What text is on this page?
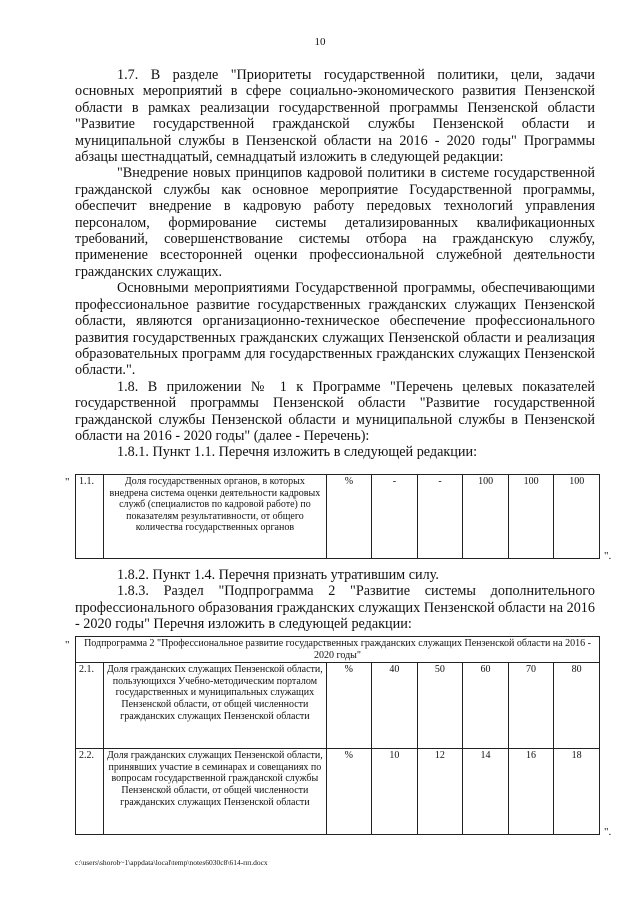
10

1.7. В разделе "Приоритеты государственной политики, цели, задачи основных мероприятий в сфере социально-экономического развития Пензенской области в рамках реализации государственной программы Пензенской области "Развитие государственной гражданской службы Пензенской области и муниципальной службы в Пензенской области на 2016 - 2020 годы" Программы абзацы шестнадцатый, семнадцатый изложить в следующей редакции:

"Внедрение новых принципов кадровой политики в системе государственной гражданской службы как основное мероприятие Государственной программы, обеспечит внедрение в кадровую работу передовых технологий управления персоналом, формирование системы детализированных квалификационных требований, совершенствование системы отбора на гражданскую службу, применение всесторонней оценки профессиональной служебной деятельности гражданских служащих.

Основными мероприятиями Государственной программы, обеспечивающими профессиональное развитие государственных гражданских служащих Пензенской области, являются организационно-техническое обеспечение профессионального развития государственных гражданских служащих Пензенской области и реализация образовательных программ для государственных гражданских служащих Пензенской области.".

1.8. В приложении № 1 к Программе "Перечень целевых показателей государственной программы Пензенской области "Развитие государственной гражданской службы Пензенской области и муниципальной службы в Пензенской области на 2016 - 2020 годы" (далее - Перечень):

1.8.1. Пункт 1.1. Перечня изложить в следующей редакции:

" 1.1.	Доля государственных органов, в которых внедрена система оценки деятельности кадровых служб (специалистов по кадровой работе) по показателям результативности, от общего количества государственных органов	%	-	-	100	100	100
".

1.8.2. Пункт 1.4. Перечня признать утратившим силу.

1.8.3. Раздел "Подпрограмма 2 "Развитие системы дополнительного профессионального образования гражданских служащих Пензенской области на 2016 - 2020 годы" Перечня изложить в следующей редакции:

" Подпрограмма 2 "Профессиональное развитие государственных гражданских служащих Пензенской области на 2016 - 2020 годы"							
2.1.	Доля гражданских служащих Пензенской области, пользующихся Учебно-методическим порталом государственных и муниципальных служащих Пензенской области, от общей численности гражданских служащих Пензенской области	%	40	50	60	70	80
2.2.	Доля гражданских служащих Пензенской области, принявших участие в семинарах и совещаниях по вопросам государственной гражданской службы Пензенской области, от общей численности гражданских служащих Пензенской области	%	10	12	14	16	18
".
c:\users\shorob~1\appdata\local\temp\notes6030c8\614-пп.docx
